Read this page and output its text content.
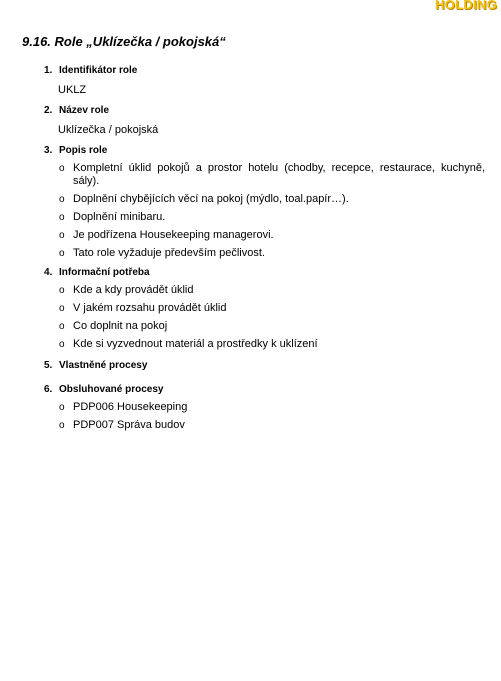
HOLDING
9.16. Role „Uklízečka / pokojská“
1. Identifikátor role
UKLZ
2. Název role
Uklízečka / pokojská
3. Popis role
o Kompletní úklid pokojů a prostor hotelu (chodby, recepce, restaurace, kuchyně, sály).
o Doplnění chybějících věcí na pokoj (mýdlo, toal.papír…).
o Doplnění minibaru.
o Je podřízena Housekeeping managerovi.
o Tato role vyžaduje především pečlivost.
4. Informační potřeba
o Kde a kdy provádět úklid
o V jakém rozsahu provádět úklid
o Co doplnit na pokoj
o Kde si vyzvednout materiál a prostředky k uklízení
5. Vlastněné procesy
6. Obsluhované procesy
o PDP006 Housekeeping
o PDP007 Správa budov
